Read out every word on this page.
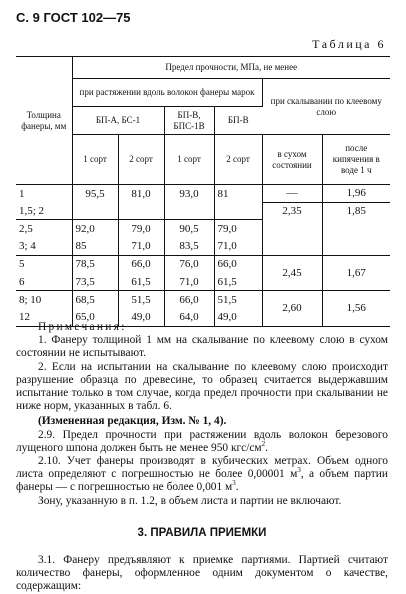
С. 9 ГОСТ 102—75
Таблица 6
Толщина фанеры, мм	Предел прочности, МПа, не менее					
	при растяжении вдоль волокон фанеры марок				при скалывании по клеевому слою	
	БП-А, БС-1		БП-В, БПС-1В	БП-В		
	1 сорт	2 сорт	1 сорт	2 сорт	в сухом состоянии	после кипячения в воде 1 ч
1	95,5	81,0	93,0	81	—	1,96
1,5; 2					2,35	1,85
2,5	92,0	79,0	90,5	79,0		
3; 4	85	71,0	83,5	71,0		
5	78,5	66,0	76,0	66,0	2,45	1,67
6	73,5	61,5	71,0	61,5		
8; 10	68,5	51,5	66,0	51,5	2,60	1,56
12	65,0	49,0	64,0	49,0		

Примечания:

1. Фанеру толщиной 1 мм на скалывание по клеевому слою в сухом состоянии не испытывают.

2. Если на испытании на скалывание по клеевому слою происходит разрушение образца по древесине, то образец считается выдержавшим испытание только в том случае, когда предел прочности при скалывании не ниже норм, указанных в табл. 6.

(Измененная редакция, Изм. № 1, 4).

2.9. Предел прочности при растяжении вдоль волокон березового лущеного шпона должен быть не менее 950 кгс/$см^2$.

2.10. Учет фанеры производят в кубических метрах. Объем одного листа определяют с погрешностью не более 0,00001 $м^3$, а объем партии фанеры — с погрешностью не более 0,001 $м^3$.

Зону, указанную в п. 1.2, в объем листа и партии не включают.

3. ПРАВИЛА ПРИЕМКИ

3.1. Фанеру предъявляют к приемке партиями. Партией считают количество фанеры, оформленное одним документом о качестве, содержащим:
